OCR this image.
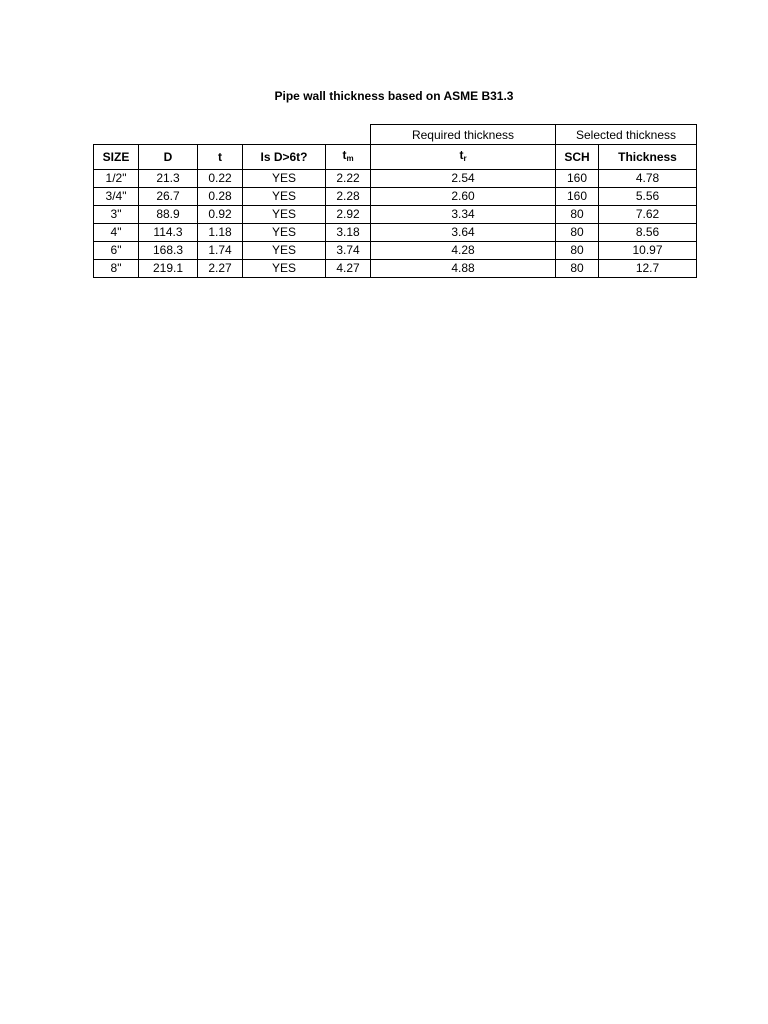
Pipe wall thickness based on ASME B31.3
					Required thickness	Selected thickness	
SIZE	D	t	Is D>6t?	$t_m$	$t_r$	SCH	Thickness
1/2"	21.3	0.22	YES	2.22	2.54	160	4.78
3/4"	26.7	0.28	YES	2.28	2.60	160	5.56
3"	88.9	0.92	YES	2.92	3.34	80	7.62
4"	114.3	1.18	YES	3.18	3.64	80	8.56
6"	168.3	1.74	YES	3.74	4.28	80	10.97
8"	219.1	2.27	YES	4.27	4.88	80	12.7
